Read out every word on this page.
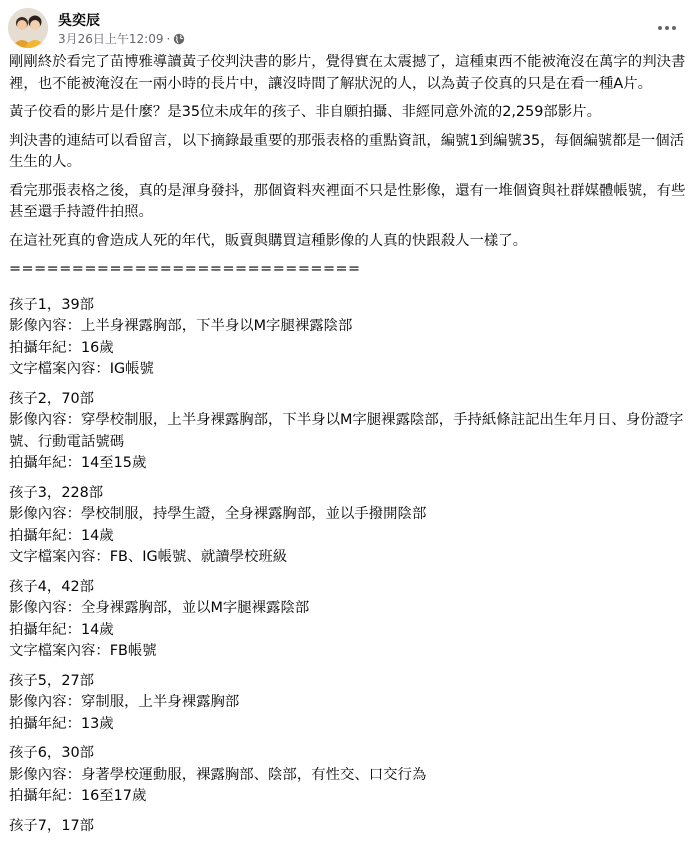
吳奕辰
3月26日上午12:09 ·

剛剛終於看完了苗博雅導讀黃子佼判決書的影片，覺得實在太震撼了，這種東西不能被淹沒在萬字的判決書裡，也不能被淹沒在一兩小時的長片中，讓沒時間了解狀況的人，以為黃子佼真的只是在看一種A片。

黃子佼看的影片是什麼？是35位未成年的孩子、非自願拍攝、非經同意外流的2,259部影片。

判決書的連結可以看留言，以下摘錄最重要的那張表格的重點資訊，編號1到編號35，每個編號都是一個活生生的人。

看完那張表格之後，真的是渾身發抖，那個資料夾裡面不只是性影像，還有一堆個資與社群媒體帳號，有些甚至還手持證件拍照。

在這社死真的會造成人死的年代，販賣與購買這種影像的人真的快跟殺人一樣了。

============================
孩子1，39部
影像內容：上半身裸露胸部，下半身以M字腿裸露陰部
拍攝年紀：16歲
文字檔案內容：IG帳號
孩子2，70部
影像內容：穿學校制服，上半身裸露胸部，下半身以M字腿裸露陰部，手持紙條註記出生年月日、身份證字號、行動電話號碼
拍攝年紀：14至15歲
孩子3，228部
影像內容：學校制服，持學生證，全身裸露胸部，並以手撥開陰部
拍攝年紀：14歲
文字檔案內容：FB、IG帳號、就讀學校班級
孩子4，42部
影像內容：全身裸露胸部，並以M字腿裸露陰部
拍攝年紀：14歲
文字檔案內容：FB帳號
孩子5，27部
影像內容：穿制服，上半身裸露胸部
拍攝年紀：13歲
孩子6，30部
影像內容：身著學校運動服，裸露胸部、陰部，有性交、口交行為
拍攝年紀：16至17歲
孩子7，17部
